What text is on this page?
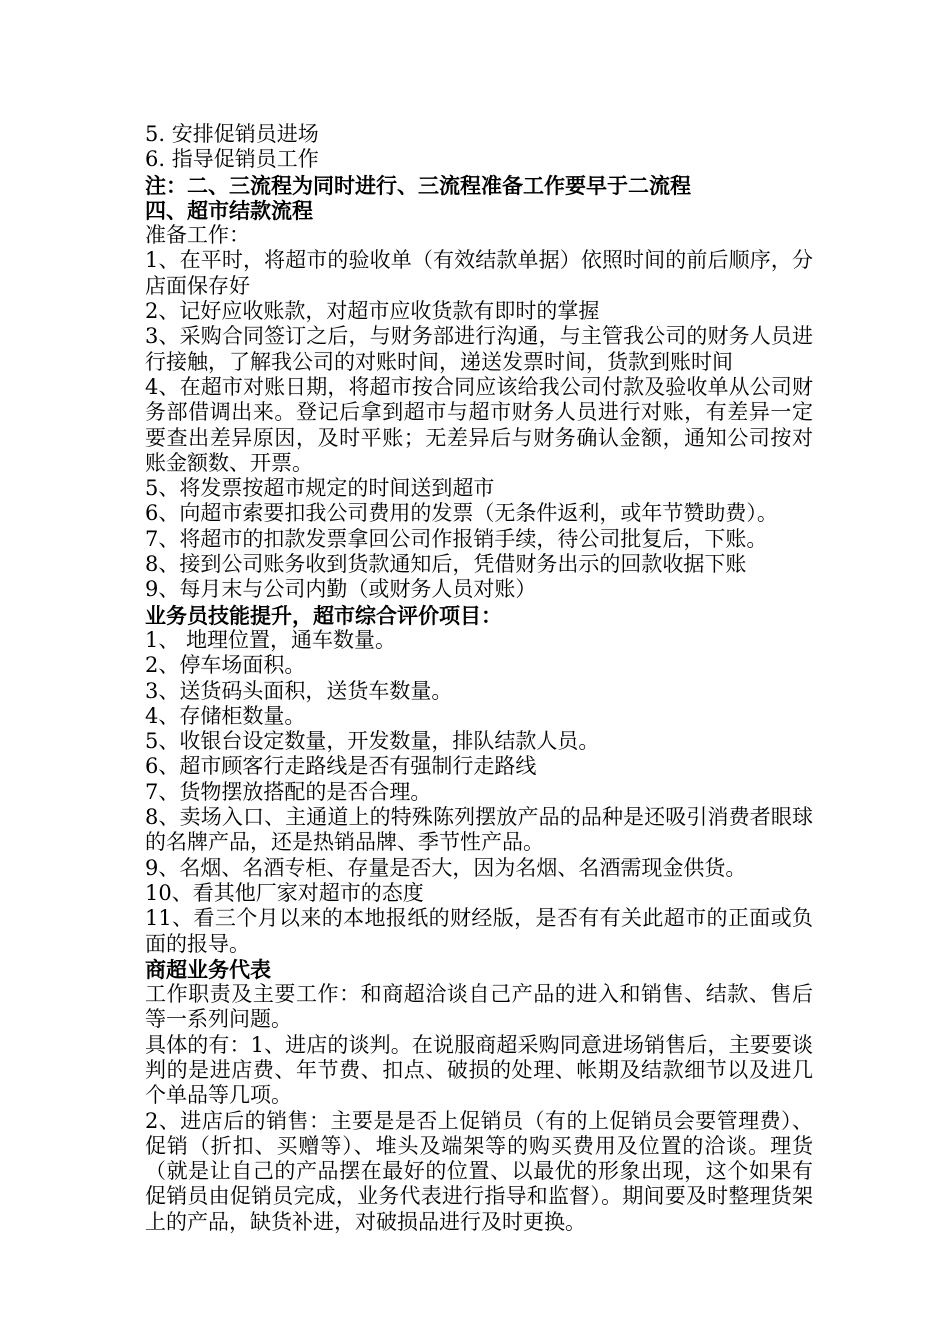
5. 安排促销员进场

6. 指导促销员工作

注：二、三流程为同时进行、三流程准备工作要早于二流程

四、超市结款流程

准备工作：

1、在平时，将超市的验收单（有效结款单据）依照时间的前后顺序，分店面保存好

2、记好应收账款，对超市应收货款有即时的掌握

3、采购合同签订之后，与财务部进行沟通，与主管我公司的财务人员进行接触，了解我公司的对账时间，递送发票时间，货款到账时间

4、在超市对账日期，将超市按合同应该给我公司付款及验收单从公司财务部借调出来。登记后拿到超市与超市财务人员进行对账，有差异一定要查出差异原因，及时平账；无差异后与财务确认金额，通知公司按对账金额数、开票。

5、将发票按超市规定的时间送到超市

6、向超市索要扣我公司费用的发票（无条件返利，或年节赞助费）。

7、将超市的扣款发票拿回公司作报销手续，待公司批复后，下账。

8、接到公司账务收到货款通知后，凭借财务出示的回款收据下账

9、每月末与公司内勤（或财务人员对账）

业务员技能提升，超市综合评价项目：

1、 地理位置，通车数量。

2、停车场面积。

3、送货码头面积，送货车数量。

4、存储柜数量。

5、收银台设定数量，开发数量，排队结款人员。

6、超市顾客行走路线是否有强制行走路线

7、货物摆放搭配的是否合理。

8、卖场入口、主通道上的特殊陈列摆放产品的品种是还吸引消费者眼球的名牌产品，还是热销品牌、季节性产品。

9、名烟、名酒专柜、存量是否大，因为名烟、名酒需现金供货。

10、看其他厂家对超市的态度

11、看三个月以来的本地报纸的财经版，是否有有关此超市的正面或负面的报导。

商超业务代表

工作职责及主要工作：和商超洽谈自己产品的进入和销售、结款、售后等一系列问题。

具体的有：1、进店的谈判。在说服商超采购同意进场销售后，主要要谈判的是进店费、年节费、扣点、破损的处理、帐期及结款细节以及进几个单品等几项。

2、进店后的销售：主要是是否上促销员（有的上促销员会要管理费）、促销（折扣、买赠等）、堆头及端架等的购买费用及位置的洽谈。理货（就是让自己的产品摆在最好的位置、以最优的形象出现，这个如果有促销员由促销员完成，业务代表进行指导和监督）。期间要及时整理货架上的产品，缺货补进，对破损品进行及时更换。
